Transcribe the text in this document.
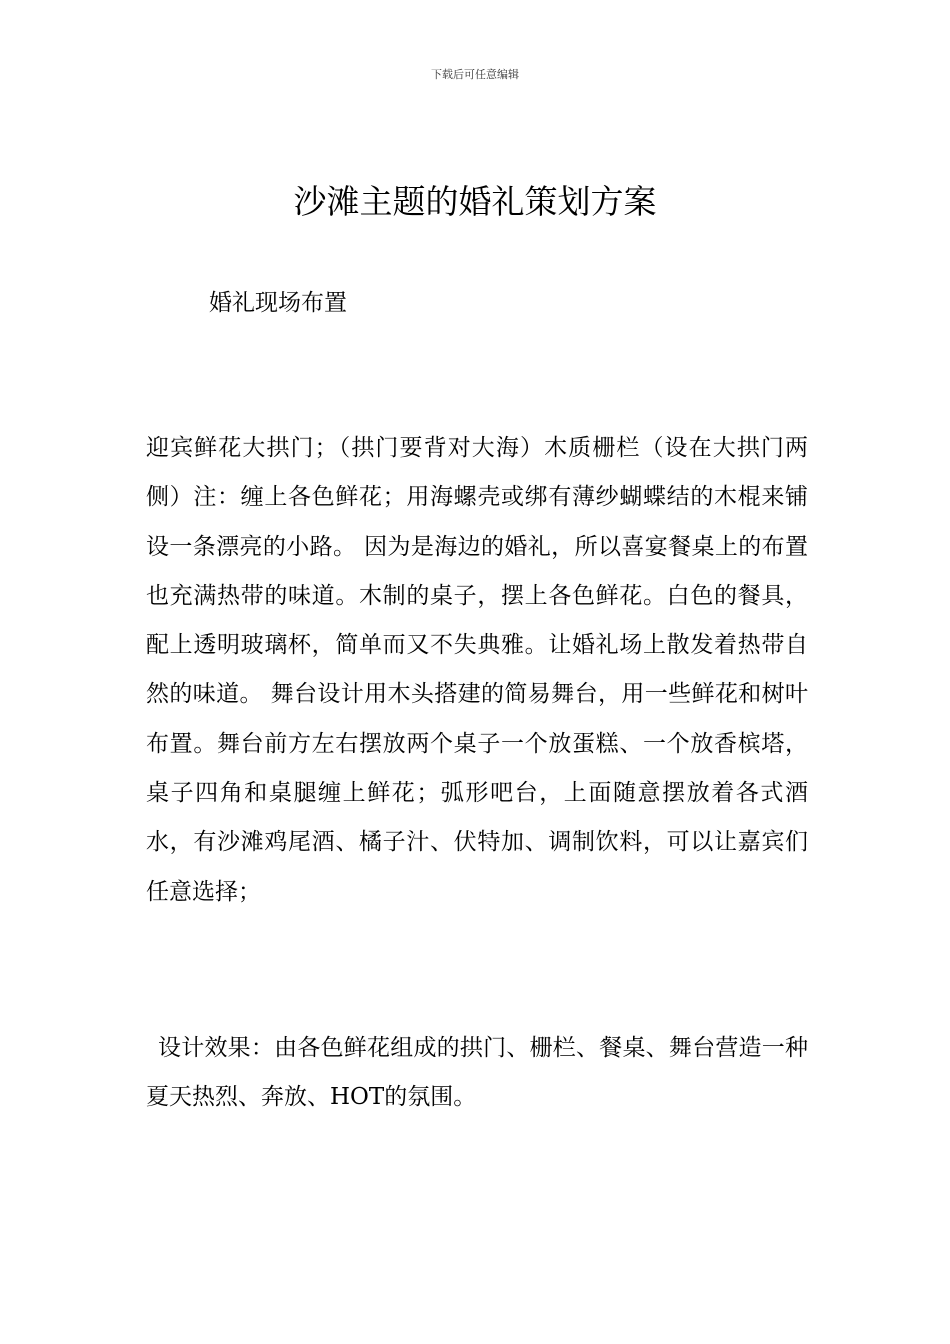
下载后可任意编辑
沙滩主题的婚礼策划方案
婚礼现场布置

迎宾鲜花大拱门；（拱门要背对大海）木质栅栏（设在大拱门两侧）注：缠上各色鲜花；用海螺壳或绑有薄纱蝴蝶结的木棍来铺设一条漂亮的小路。 因为是海边的婚礼，所以喜宴餐桌上的布置也充满热带的味道。木制的桌子，摆上各色鲜花。白色的餐具，配上透明玻璃杯，简单而又不失典雅。让婚礼场上散发着热带自然的味道。 舞台设计用木头搭建的简易舞台，用一些鲜花和树叶布置。舞台前方左右摆放两个桌子一个放蛋糕、一个放香槟塔，桌子四角和桌腿缠上鲜花；弧形吧台，上面随意摆放着各式酒水，有沙滩鸡尾酒、橘子汁、伏特加、调制饮料，可以让嘉宾们任意选择；

设计效果：由各色鲜花组成的拱门、栅栏、餐桌、舞台营造一种夏天热烈、奔放、HOT的氛围。
